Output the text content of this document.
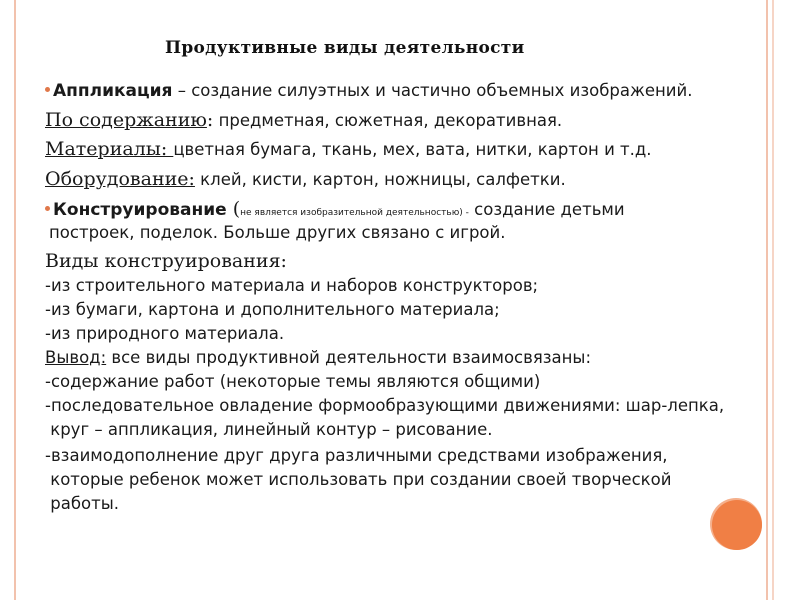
Продуктивные виды деятельности
Аппликация – создание силуэтных и частично объемных изображений.
По содержанию: предметная, сюжетная, декоративная.
Материалы: цветная бумага, ткань, мех, вата, нитки, картон и т.д.
Оборудование: клей, кисти, картон, ножницы, салфетки.
Конструирование (не является изобразительной деятельностью) - создание детьми
построек, поделок. Больше других связано с игрой.
Виды конструирования:
-из строительного материала и наборов конструкторов;
-из бумаги, картона и дополнительного материала;
-из природного материала.
Вывод: все виды продуктивной деятельности взаимосвязаны:
-содержание работ (некоторые темы являются общими)
-последовательное овладение формообразующими движениями: шар-лепка,
круг – аппликация, линейный контур – рисование.
-взаимодополнение друг друга различными средствами изображения,
которые ребенок может использовать при создании своей творческой
работы.
